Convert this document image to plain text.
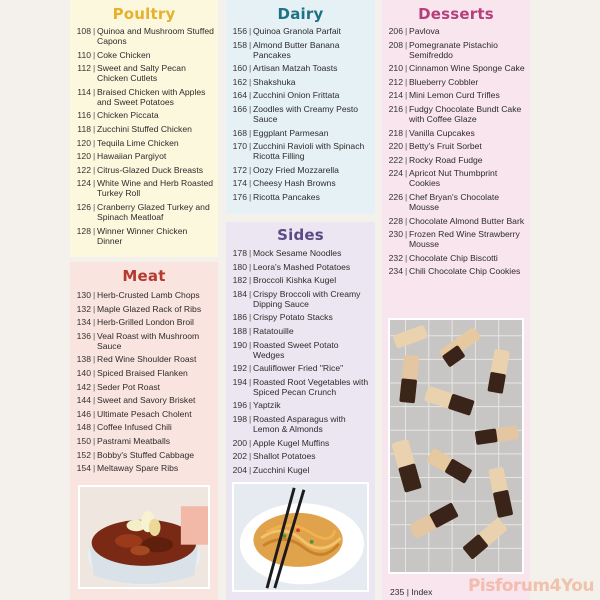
Poultry
108 | Quinoa and Mushroom Stuffed Capons
110 | Coke Chicken
112 | Sweet and Salty Pecan Chicken Cutlets
114 | Braised Chicken with Apples and Sweet Potatoes
116 | Chicken Piccata
118 | Zucchini Stuffed Chicken
120 | Tequila Lime Chicken
120 | Hawaiian Pargiyot
122 | Citrus-Glazed Duck Breasts
124 | White Wine and Herb Roasted Turkey Roll
126 | Cranberry Glazed Turkey and Spinach Meatloaf
128 | Winner Winner Chicken Dinner
Meat
130 | Herb-Crusted Lamb Chops
132 | Maple Glazed Rack of Ribs
134 | Herb-Grilled London Broil
136 | Veal Roast with Mushroom Sauce
138 | Red Wine Shoulder Roast
140 | Spiced Braised Flanken
142 | Seder Pot Roast
144 | Sweet and Savory Brisket
146 | Ultimate Pesach Cholent
148 | Coffee Infused Chili
150 | Pastrami Meatballs
152 | Bobby's Stuffed Cabbage
154 | Meltaway Spare Ribs
Dairy
156 | Quinoa Granola Parfait
158 | Almond Butter Banana Pancakes
160 | Artisan Matzah Toasts
162 | Shakshuka
164 | Zucchini Onion Frittata
166 | Zoodles with Creamy Pesto Sauce
168 | Eggplant Parmesan
170 | Zucchini Ravioli with Spinach Ricotta Filling
172 | Oozy Fried Mozzarella
174 | Cheesy Hash Browns
176 | Ricotta Pancakes
Sides
178 | Mock Sesame Noodles
180 | Leora's Mashed Potatoes
182 | Broccoli Kishka Kugel
184 | Crispy Broccoli with Creamy Dipping Sauce
186 | Crispy Potato Stacks
188 | Ratatouille
190 | Roasted Sweet Potato Wedges
192 | Cauliflower Fried "Rice"
194 | Roasted Root Vegetables with Spiced Pecan Crunch
196 | Yaptzik
198 | Roasted Asparagus with Lemon & Almonds
200 | Apple Kugel Muffins
202 | Shallot Potatoes
204 | Zucchini Kugel
Desserts
206 | Pavlova
208 | Pomegranate Pistachio Semifreddo
210 | Cinnamon Wine Sponge Cake
212 | Blueberry Cobbler
214 | Mini Lemon Curd Trifles
216 | Fudgy Chocolate Bundt Cake with Coffee Glaze
218 | Vanilla Cupcakes
220 | Betty's Fruit Sorbet
222 | Rocky Road Fudge
224 | Apricot Nut Thumbprint Cookies
226 | Chef Bryan's Chocolate Mousse
228 | Chocolate Almond Butter Bark
230 | Frozen Red Wine Strawberry Mousse
232 | Chocolate Chip Biscotti
234 | Chili Chocolate Chip Cookies
235 | Index Pisforum4You
